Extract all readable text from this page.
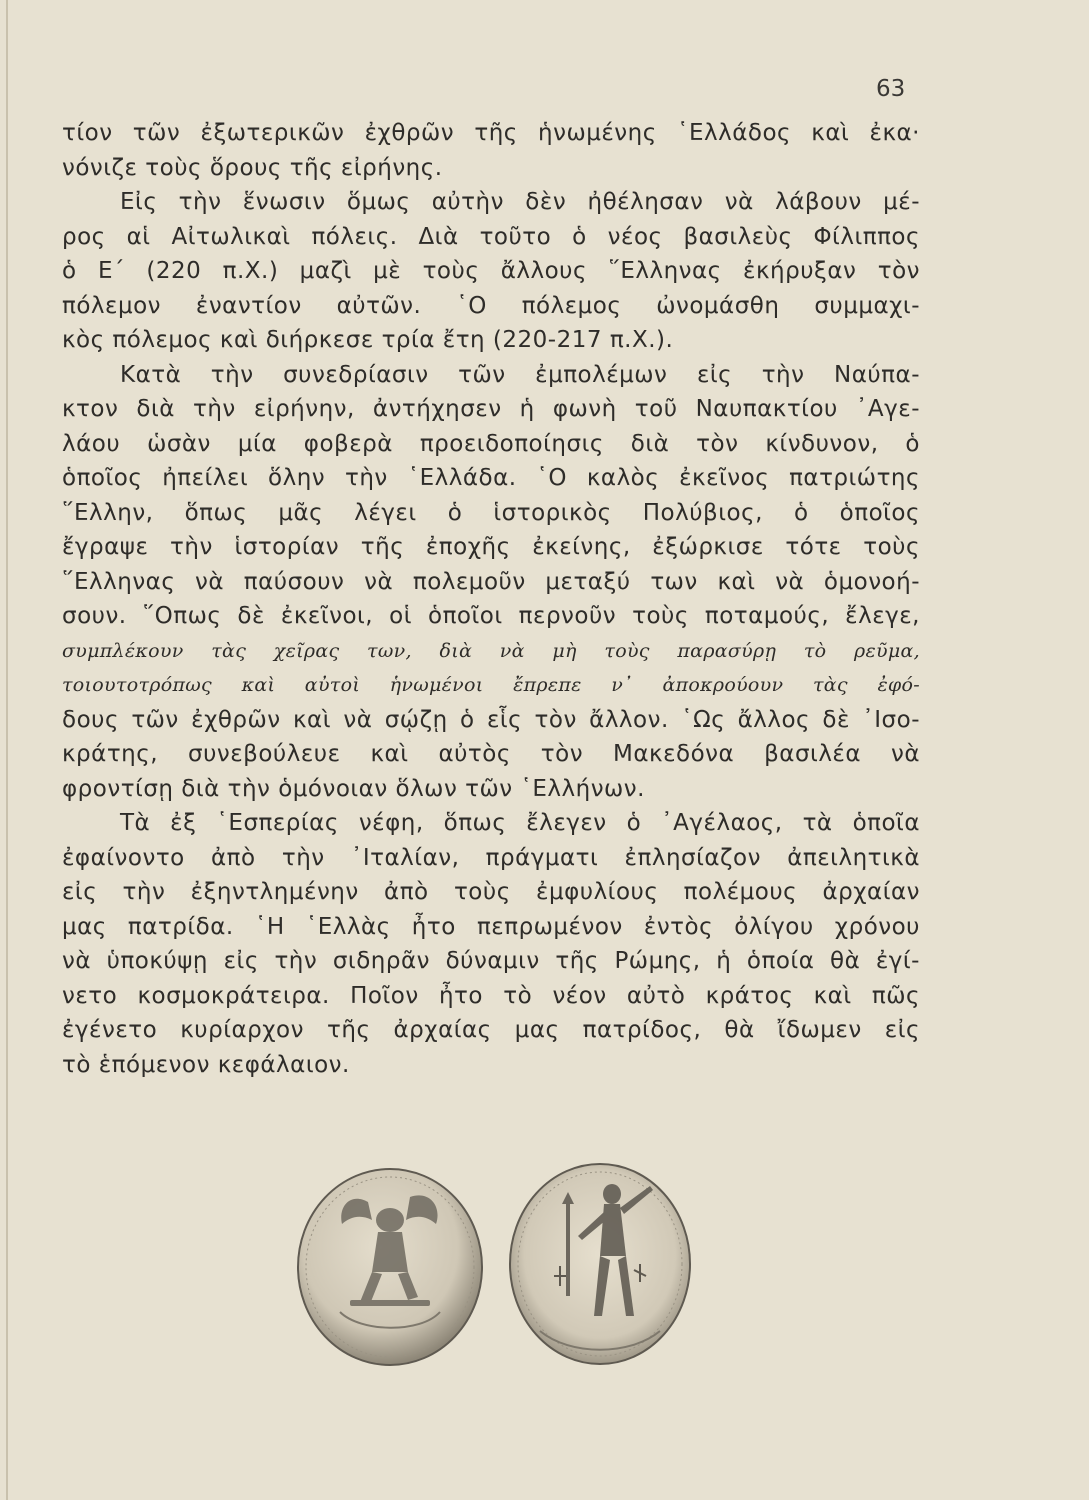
63

τίον τῶν ἐξωτερικῶν ἐχθρῶν τῆς ἡνωμένης ῾Ελλάδος καὶ ἐκα·
νόνιζε τοὺς ὅρους τῆς εἰρήνης.
Εἰς τὴν ἕνωσιν ὅμως αὐτὴν δὲν ἠθέλησαν νὰ λάβουν μέ-
ρος αἱ Αἰτωλικαὶ πόλεις. Διὰ τοῦτο ὁ νέος βασιλεὺς Φίλιππος
ὁ Ε΄ (220 π.Χ.) μαζὶ μὲ τοὺς ἄλλους ῞Ελληνας ἐκήρυξαν τὸν
πόλεμον ἐναντίον αὐτῶν. ῾Ο πόλεμος ὠνομάσθη συμμαχι-
κὸς πόλεμος καὶ διήρκεσε τρία ἔτη (220-217 π.Χ.).
Κατὰ τὴν συνεδρίασιν τῶν ἐμπολέμων εἰς τὴν Ναύπα-
κτον διὰ τὴν εἰρήνην, ἀντήχησεν ἡ φωνὴ τοῦ Ναυπακτίου ᾿Αγε-
λάου ὡσὰν μία φοβερὰ προειδοποίησις διὰ τὸν κίνδυνον, ὁ
ὁποῖος ἠπείλει ὅλην τὴν ῾Ελλάδα. ῾Ο καλὸς ἐκεῖνος πατριώτης
῞Ελλην, ὅπως μᾶς λέγει ὁ ἱστορικὸς Πολύβιος, ὁ ὁποῖος
ἔγραψε τὴν ἱστορίαν τῆς ἐποχῆς ἐκείνης, ἐξώρκισε τότε τοὺς
῞Ελληνας νὰ παύσουν νὰ πολεμοῦν μεταξύ των καὶ νὰ ὁμονοή-
σουν. ῞Οπως δὲ ἐκεῖνοι, οἱ ὁποῖοι περνοῦν τοὺς ποταμούς, ἔλεγε,
συμπλέκουν τὰς χεῖρας των, διὰ νὰ μὴ τοὺς παρασύρῃ τὸ ρεῦμα,
τοιουτοτρόπως καὶ αὐτοὶ ἡνωμένοι ἔπρεπε ν᾿ ἀποκρούουν τὰς ἐφό-
δους τῶν ἐχθρῶν καὶ νὰ σῴζῃ ὁ εἷς τὸν ἄλλον. ῾Ως ἄλλος δὲ ᾿Ισο-
κράτης, συνεβούλευε καὶ αὐτὸς τὸν Μακεδόνα βασιλέα νὰ
φροντίσῃ διὰ τὴν ὁμόνοιαν ὅλων τῶν ῾Ελλήνων.
Τὰ ἐξ ῾Εσπερίας νέφη, ὅπως ἔλεγεν ὁ ᾿Αγέλαος, τὰ ὁποῖα
ἐφαίνοντο ἀπὸ τὴν ᾿Ιταλίαν, πράγματι ἐπλησίαζον ἀπειλητικὰ
εἰς τὴν ἐξηντλημένην ἀπὸ τοὺς ἐμφυλίους πολέμους ἀρχαίαν
μας πατρίδα. ῾Η ῾Ελλὰς ἦτο πεπρωμένον ἐντὸς ὀλίγου χρόνου
νὰ ὑποκύψῃ εἰς τὴν σιδηρᾶν δύναμιν τῆς Ρώμης, ἡ ὁποία θὰ ἐγί-
νετο κοσμοκράτειρα. Ποῖον ἦτο τὸ νέον αὐτὸ κράτος καὶ πῶς
ἐγένετο κυρίαρχον τῆς ἀρχαίας μας πατρίδος, θὰ ἴδωμεν εἰς
τὸ ἑπόμενον κεφάλαιον.
